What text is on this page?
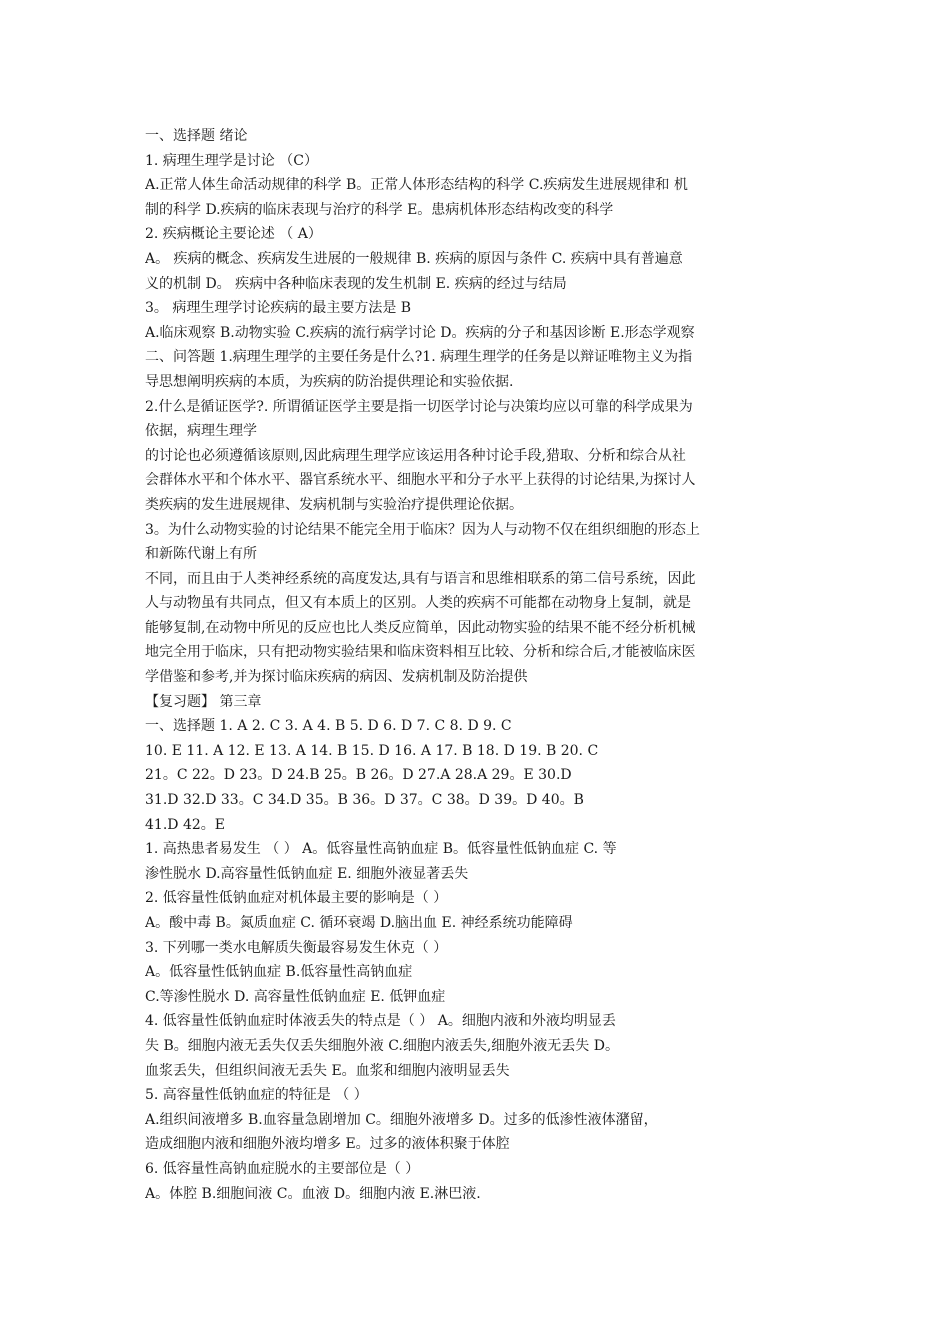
一、选择题 绪论
1. 病理生理学是讨论 （C）
A.正常人体生命活动规律的科学 B。正常人体形态结构的科学 C.疾病发生进展规律和 机
制的科学 D.疾病的临床表现与治疗的科学 E。患病机体形态结构改变的科学
2. 疾病概论主要论述 （ A）
A。 疾病的概念、疾病发生进展的一般规律 B. 疾病的原因与条件 C. 疾病中具有普遍意
义的机制 D。 疾病中各种临床表现的发生机制 E. 疾病的经过与结局
3。 病理生理学讨论疾病的最主要方法是 B
A.临床观察 B.动物实验 C.疾病的流行病学讨论 D。疾病的分子和基因诊断 E.形态学观察
二、问答题 1.病理生理学的主要任务是什么?1. 病理生理学的任务是以辩证唯物主义为指
导思想阐明疾病的本质，为疾病的防治提供理论和实验依据.
2.什么是循证医学?. 所谓循证医学主要是指一切医学讨论与决策均应以可靠的科学成果为
依据，病理生理学
的讨论也必须遵循该原则,因此病理生理学应该运用各种讨论手段,猎取、分析和综合从社
会群体水平和个体水平、器官系统水平、细胞水平和分子水平上获得的讨论结果,为探讨人
类疾病的发生进展规律、发病机制与实验治疗提供理论依据。
3。为什么动物实验的讨论结果不能完全用于临床？因为人与动物不仅在组织细胞的形态上
和新陈代谢上有所
不同，而且由于人类神经系统的高度发达,具有与语言和思维相联系的第二信号系统，因此
人与动物虽有共同点，但又有本质上的区别。人类的疾病不可能都在动物身上复制，就是
能够复制,在动物中所见的反应也比人类反应简单，因此动物实验的结果不能不经分析机械
地完全用于临床，只有把动物实验结果和临床资料相互比较、分析和综合后,才能被临床医
学借鉴和参考,并为探讨临床疾病的病因、发病机制及防治提供
【复习题】 第三章
一、选择题 1. A 2. C 3. A 4. B 5. D 6. D 7. C 8. D 9. C
10. E 11. A 12. E 13. A 14. B 15. D 16. A 17. B 18. D 19. B 20. C
21。C 22。D 23。D 24.B 25。B 26。D 27.A 28.A 29。E 30.D
31.D 32.D 33。C 34.D 35。B 36。D 37。C 38。D 39。D 40。B
41.D 42。E
1. 高热患者易发生 （ ） A。低容量性高钠血症 B。低容量性低钠血症 C. 等
渗性脱水 D.高容量性低钠血症 E. 细胞外液显著丢失
2. 低容量性低钠血症对机体最主要的影响是（ ）
A。酸中毒 B。氮质血症 C. 循环衰竭 D.脑出血 E. 神经系统功能障碍
3. 下列哪一类水电解质失衡最容易发生休克（ ）
A。低容量性低钠血症 B.低容量性高钠血症
C.等渗性脱水 D. 高容量性低钠血症 E. 低钾血症
4. 低容量性低钠血症时体液丢失的特点是（ ） A。细胞内液和外液均明显丢
失 B。细胞内液无丢失仅丢失细胞外液 C.细胞内液丢失,细胞外液无丢失 D。
血浆丢失，但组织间液无丢失 E。血浆和细胞内液明显丢失
5. 高容量性低钠血症的特征是 （ ）
A.组织间液增多 B.血容量急剧增加 C。细胞外液增多 D。过多的低渗性液体潴留，
造成细胞内液和细胞外液均增多 E。过多的液体积聚于体腔
6. 低容量性高钠血症脱水的主要部位是（ ）
A。体腔 B.细胞间液 C。血液 D。细胞内液 E.淋巴液.
